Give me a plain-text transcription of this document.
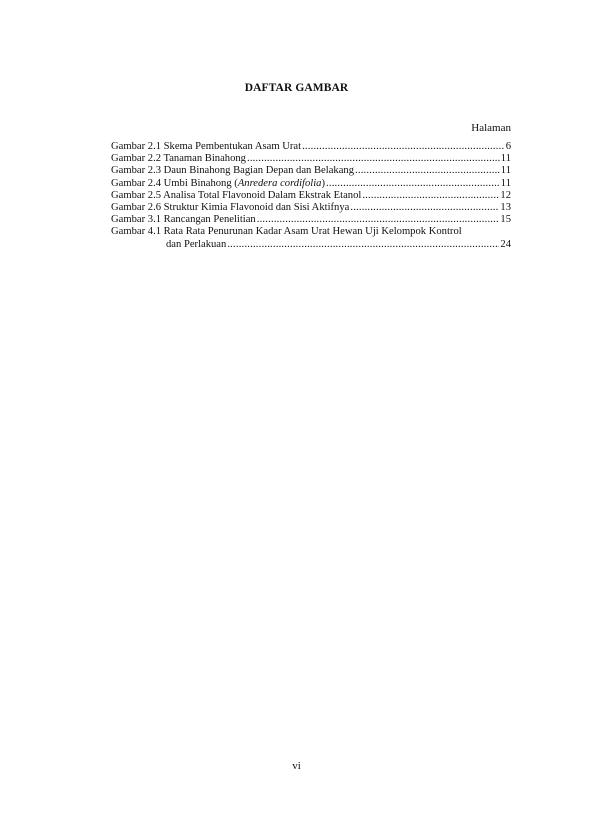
DAFTAR GAMBAR
Halaman
Gambar 2.1 Skema Pembentukan Asam Urat .....	6
Gambar 2.2 Tanaman Binahong .....	11
Gambar 2.3 Daun Binahong Bagian Depan dan Belakang .....	11
Gambar 2.4 Umbi Binahong (Anredera cordifolia) .....	11
Gambar 2.5 Analisa Total Flavonoid Dalam Ekstrak Etanol .....	12
Gambar 2.6 Struktur Kimia Flavonoid dan Sisi Aktifnya .....	13
Gambar 3.1 Rancangan Penelitian .....	15
Gambar 4.1 Rata Rata Penurunan Kadar Asam Urat Hewan Uji Kelompok Kontrol
dan Perlakuan .....	24
vi
